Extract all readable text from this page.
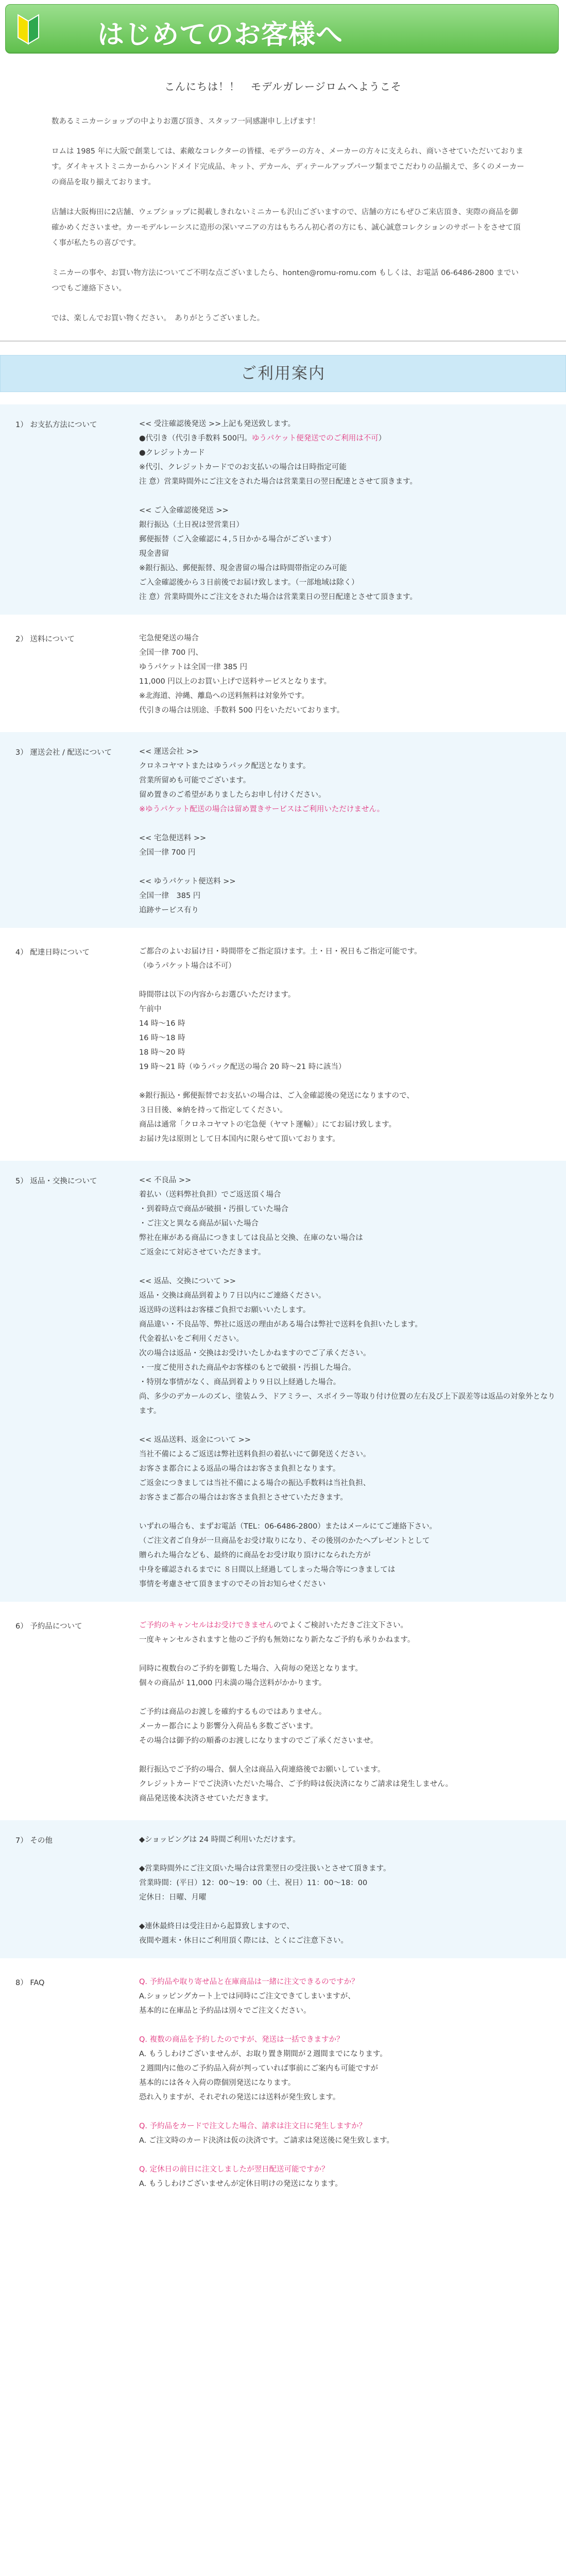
はじめてのお客様へ
こんにちは！！　モデルガレージロムへようこそ

数あるミニカーショップの中よりお選び頂き、スタッフ一同感謝申し上げます！

ロムは 1985 年に大阪で創業しては、素敵なコレクターの皆様、モデラーの方々、メーカーの方々に支えられ、商いさせていただいております。ダイキャストミニカーからハンドメイド完成品、キット、デカール、ディテールアップパーツ類までこだわりの品揃えで、多くのメーカーの商品を取り揃えております。

店舗は大阪梅田に2店舗、ウェブショップに掲載しきれないミニカーも沢山ございますので、店舗の方にもぜひご来店頂き、実際の商品を御確かめくださいませ。カーモデルレーシスに造形の深いマニアの方はもちろん初心者の方にも、誠心誠意コレクションのサポートをさせて頂く事が私たちの喜びです。

ミニカーの事や、お買い物方法についてご不明な点ございましたら、honten@romu-romu.com もしくは、お電話 06-6486-2800 までいつでもご連絡下さい。

では、楽しんでお買い物ください。　ありがとうございました。

ご利用案内
1） お支払方法について	<< 受注確認後発送 >>上記も発送致します。
●代引き（代引き手数料 500円。ゆうパケット便発送でのご利用は不可）
●クレジットカード
※代引、クレジットカードでのお支払いの場合は日時指定可能
注 意）営業時間外にご注文をされた場合は営業業日の翌日配達とさせて頂きます。
<< ご入金確認後発送 >>
銀行振込（土日祝は翌営業日）
郵便振替（ご入金確認に４,５日かかる場合がございます）
現金書留
※銀行振込、郵便振替、現金書留の場合は時間帯指定のみ可能
ご入金確認後から３日前後でお届け致します。（一部地域は除く）
注 意）営業時間外にご注文をされた場合は営業業日の翌日配達とさせて頂きます。
2） 送料について	宅急便発送の場合
全国一律 700 円、
ゆうパケットは全国一律 385 円
11,000 円以上のお買い上げで送料サービスとなります。
※北海道、沖縄、離島への送料無料は対象外です。
代引きの場合は別途、手数料 500 円をいただいております。
3） 運送会社 / 配送について	<< 運送会社 >>
クロネコヤマトまたはゆうパック配送となります。
営業所留めも可能でございます。
留め置きのご希望がありましたらお申し付けください。
※ゆうパケット配送の場合は留め置きサービスはご利用いただけません。
<< 宅急便送料 >>
全国一律 700 円
<< ゆうパケット便送料 >>
全国一律　385 円
追跡サービス有り
4） 配達日時について	ご都合のよいお届け日・時間帯をご指定頂けます。土・日・祝日もご指定可能です。
（ゆうパケット場合は不可）
時間帯は以下の内容からお選びいただけます。
午前中
14 時～16 時
16 時～18 時
18 時～20 時
19 時～21 時（ゆうパック配送の場合 20 時～21 時に該当）
※銀行振込・郵便振替でお支払いの場合は、ご入金確認後の発送になりますので、
３日目後、※納を持って指定してください。
商品は通常「クロネコヤマトの宅急便（ヤマト運輸）」にてお届け致します。
お届け先は原則として日本国内に限らせて頂いております。
5） 返品・交換について	<< 不良品 >>
着払い（送料弊社負担）でご返送頂く場合
・到着時点で商品が破損・汚損していた場合
・ご注文と異なる商品が届いた場合
弊社在庫がある商品につきましては良品と交換、在庫のない場合は
ご返金にて対応させていただきます。
<< 返品、交換について >>
返品・交換は商品到着より７日以内にご連絡ください。
返送時の送料はお客様ご負担でお願いいたします。
商品違い・不良品等、弊社に返送の理由がある場合は弊社で送料を負担いたします。
代金着払いをご利用ください。
次の場合は返品・交換はお受けいたしかねますのでご了承ください。
・一度ご使用された商品やお客様のもとで破損・汚損した場合。
・特別な事情がなく、商品到着より９日以上経過した場合。
尚、多少のデカールのズレ、塗装ムラ、ドアミラー、スポイラー等取り付け位置の左右及び上下誤差等は返品の対象外となります。
<< 返品送料、返金について >>
当社不備によるご返送は弊社送料負担の着払いにて御発送ください。
お客さま都合による返品の場合はお客さま負担となります。
ご返金につきましては当社不備による場合の振込手数料は当社負担、
お客さまご都合の場合はお客さま負担とさせていただきます。
いずれの場合も、まずお電話（TEL：06-6486-2800）またはメールにてご連絡下さい。
（ご注文者ご自身が一旦商品をお受け取りになり、その後別のかたへプレゼントとして
贈られた場合なども、最終的に商品をお受け取り頂けになられた方が
中身を確認されるまでに ８日間以上経過してしまった場合等につきましては
事情を考慮させて頂きますのでその旨お知らせください
6） 予約品について	ご予約のキャンセルはお受けできませんのでよくご検討いただきご注文下さい。
一度キャンセルされますと他のご予約も無効になり新たなご予約も承りかねます。
同時に複数台のご予約を御覧した場合、入荷毎の発送となります。
個々の商品が 11,000 円未満の場合送料がかかります。
ご予約は商品のお渡しを確約するものではありません。
メーカー都合により影響分入荷品も多数ございます。
その場合は御予約の順番のお渡しになりますのでご了承くださいませ。
銀行振込でご予約の場合、個人全は商品入荷連絡後でお願いしています。
クレジットカードでご決済いただいた場合、ご予約時は仮決済になりご請求は発生しません。
商品発送後本決済させていただきます。
7） その他	◆ショッピングは 24 時間ご利用いただけます。
◆営業時間外にご注文頂いた場合は営業翌日の受注扱いとさせて頂きます。
営業時間：(平日）12：00～19：00（土、祝日）11：00～18：00
定休日：日曜、月曜
◆連休最終日は受注日から起算致しますので、
夜間や週末・休日にご利用頂く際には、とくにご注意下さい。
8） FAQ	Q. 予約品や取り寄せ品と在庫商品は一緒に注文できるのですか？
A.ショッピングカート上では同時にご注文できてしまいますが、
基本的に在庫品と予約品は別々でご注文ください。
Q. 複数の商品を予約したのですが、発送は一括できますか？
A. もうしわけございませんが、お取り置き期間が２週間までになります。
２週間内に他のご予約品入荷が判っていれば事前にご案内も可能ですが
基本的には各々入荷の際個別発送になります。
恐れ入りますが、それぞれの発送には送料が発生致します。
Q. 予約品をカードで注文した場合、請求は注文日に発生しますか？
A. ご注文時のカード決済は仮の決済です。ご請求は発送後に発生致します。
Q. 定休日の前日に注文しましたが翌日配送可能ですか？
A. もうしわけございませんが定休日明けの発送になります。
